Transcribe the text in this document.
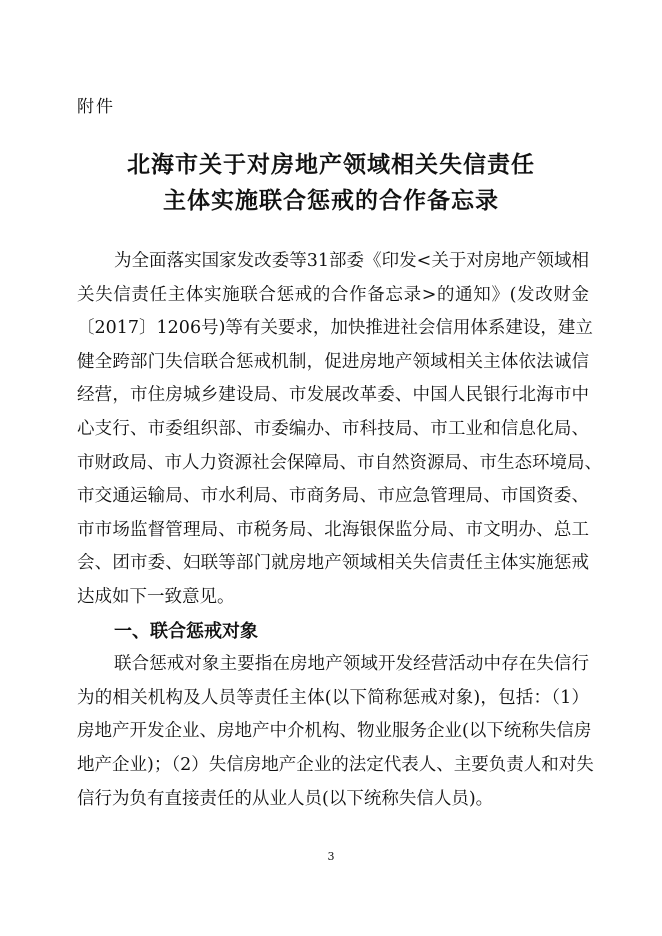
附件
北海市关于对房地产领域相关失信责任
主体实施联合惩戒的合作备忘录
为全面落实国家发改委等31部委《印发<关于对房地产领域相
关失信责任主体实施联合惩戒的合作备忘录>的通知》(发改财金
〔2017〕1206号)等有关要求，加快推进社会信用体系建设，建立
健全跨部门失信联合惩戒机制，促进房地产领域相关主体依法诚信
经营，市住房城乡建设局、市发展改革委、中国人民银行北海市中
心支行、市委组织部、市委编办、市科技局、市工业和信息化局、
市财政局、市人力资源社会保障局、市自然资源局、市生态环境局、
市交通运输局、市水利局、市商务局、市应急管理局、市国资委、
市市场监督管理局、市税务局、北海银保监分局、市文明办、总工
会、团市委、妇联等部门就房地产领域相关失信责任主体实施惩戒
达成如下一致意见。
一、联合惩戒对象
联合惩戒对象主要指在房地产领域开发经营活动中存在失信行
为的相关机构及人员等责任主体(以下简称惩戒对象)，包括：（1）
房地产开发企业、房地产中介机构、物业服务企业(以下统称失信房
地产企业)；（2）失信房地产企业的法定代表人、主要负责人和对失
信行为负有直接责任的从业人员(以下统称失信人员)。
3
